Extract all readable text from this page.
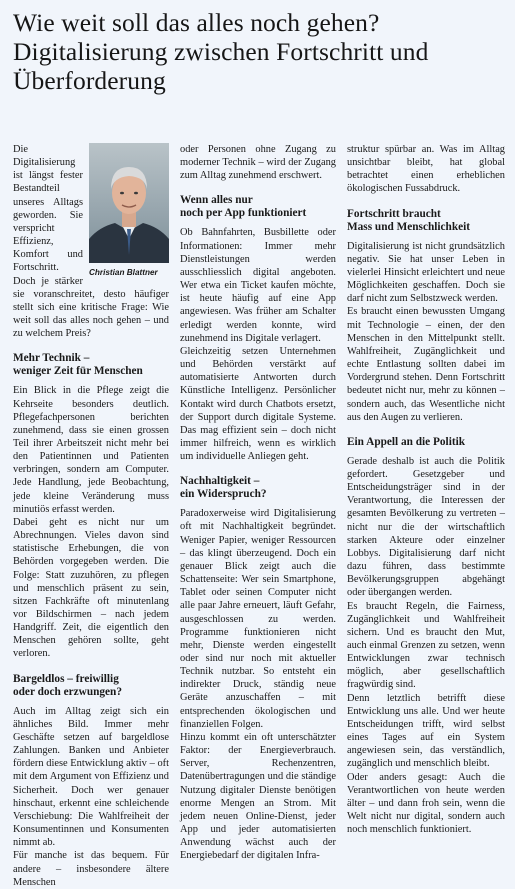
Wie weit soll das alles noch gehen? Digitalisierung zwischen Fortschritt und Überforderung
Christian Blattner

Die Digitalisierung ist längst fester Bestandteil unseres Alltags geworden. Sie verspricht Effizienz, Komfort und Fortschritt. Doch je stärker sie voranschreitet, desto häufiger stellt sich eine kritische Frage: Wie weit soll das alles noch gehen – und zu welchem Preis?

Mehr Technik –
weniger Zeit für Menschen

Ein Blick in die Pflege zeigt die Kehrseite besonders deutlich. Pflegefachpersonen berichten zunehmend, dass sie einen grossen Teil ihrer Arbeitszeit nicht mehr bei den Patientinnen und Patienten verbringen, sondern am Computer. Jede Handlung, jede Beobachtung, jede kleine Veränderung muss minutiös erfasst werden.

Dabei geht es nicht nur um Abrechnungen. Vieles davon sind statistische Erhebungen, die von Behörden vorgegeben werden. Die Folge: Statt zuzuhören, zu pflegen und menschlich präsent zu sein, sitzen Fachkräfte oft minutenlang vor Bildschirmen – nach jedem Handgriff. Zeit, die eigentlich den Menschen gehören sollte, geht verloren.

Bargeldlos – freiwillig
oder doch erzwungen?

Auch im Alltag zeigt sich ein ähnliches Bild. Immer mehr Geschäfte setzen auf bargeldlose Zahlungen. Banken und Anbieter fördern diese Entwicklung aktiv – oft mit dem Argument von Effizienz und Sicherheit. Doch wer genauer hinschaut, erkennt eine schleichende Verschiebung: Die Wahlfreiheit der Konsumentinnen und Konsumenten nimmt ab.

Für manche ist das bequem. Für andere – insbesondere ältere Menschen

oder Personen ohne Zugang zu moderner Technik – wird der Zugang zum Alltag zunehmend erschwert.

Wenn alles nur
noch per App funktioniert

Ob Bahnfahrten, Busbillette oder Informationen: Immer mehr Dienstleistungen werden ausschliesslich digital angeboten. Wer etwa ein Ticket kaufen möchte, ist heute häufig auf eine App angewiesen. Was früher am Schalter erledigt werden konnte, wird zunehmend ins Digitale verlagert.

Gleichzeitig setzen Unternehmen und Behörden verstärkt auf automatisierte Antworten durch Künstliche Intelligenz. Persönlicher Kontakt wird durch Chatbots ersetzt, der Support durch digitale Systeme. Das mag effizient sein – doch nicht immer hilfreich, wenn es wirklich um individuelle Anliegen geht.

Nachhaltigkeit –
ein Widerspruch?

Paradoxerweise wird Digitalisierung oft mit Nachhaltigkeit begründet. Weniger Papier, weniger Ressourcen – das klingt überzeugend. Doch ein genauer Blick zeigt auch die Schattenseite: Wer sein Smartphone, Tablet oder seinen Computer nicht alle paar Jahre erneuert, läuft Gefahr, ausgeschlossen zu werden. Programme funktionieren nicht mehr, Dienste werden eingestellt oder sind nur noch mit aktueller Technik nutzbar. So entsteht ein indirekter Druck, ständig neue Geräte anzuschaffen – mit entsprechenden ökologischen und finanziellen Folgen.

Hinzu kommt ein oft unterschätzter Faktor: der Energieverbrauch. Server, Rechenzentren, Datenübertragungen und die ständige Nutzung digitaler Dienste benötigen enorme Mengen an Strom. Mit jedem neuen Online-Dienst, jeder App und jeder automatisierten Anwendung wächst auch der Energiebedarf der digitalen Infra-

struktur spürbar an. Was im Alltag unsichtbar bleibt, hat global betrachtet einen erheblichen ökologischen Fussabdruck.

Fortschritt braucht
Mass und Menschlichkeit

Digitalisierung ist nicht grundsätzlich negativ. Sie hat unser Leben in vielerlei Hinsicht erleichtert und neue Möglichkeiten geschaffen. Doch sie darf nicht zum Selbstzweck werden.

Es braucht einen bewussten Umgang mit Technologie – einen, der den Menschen in den Mittelpunkt stellt. Wahlfreiheit, Zugänglichkeit und echte Entlastung sollten dabei im Vordergrund stehen. Denn Fortschritt bedeutet nicht nur, mehr zu können – sondern auch, das Wesentliche nicht aus den Augen zu verlieren.

Ein Appell an die Politik

Gerade deshalb ist auch die Politik gefordert. Gesetzgeber und Entscheidungsträger sind in der Verantwortung, die Interessen der gesamten Bevölkerung zu vertreten – nicht nur die der wirtschaftlich starken Akteure oder einzelner Lobbys. Digitalisierung darf nicht dazu führen, dass bestimmte Bevölkerungsgruppen abgehängt oder übergangen werden.

Es braucht Regeln, die Fairness, Zugänglichkeit und Wahlfreiheit sichern. Und es braucht den Mut, auch einmal Grenzen zu setzen, wenn Entwicklungen zwar technisch möglich, aber gesellschaftlich fragwürdig sind.

Denn letztlich betrifft diese Entwicklung uns alle. Und wer heute Entscheidungen trifft, wird selbst eines Tages auf ein System angewiesen sein, das verständlich, zugänglich und menschlich bleibt.

Oder anders gesagt: Auch die Verantwortlichen von heute werden älter – und dann froh sein, wenn die Welt nicht nur digital, sondern auch noch menschlich funktioniert.
